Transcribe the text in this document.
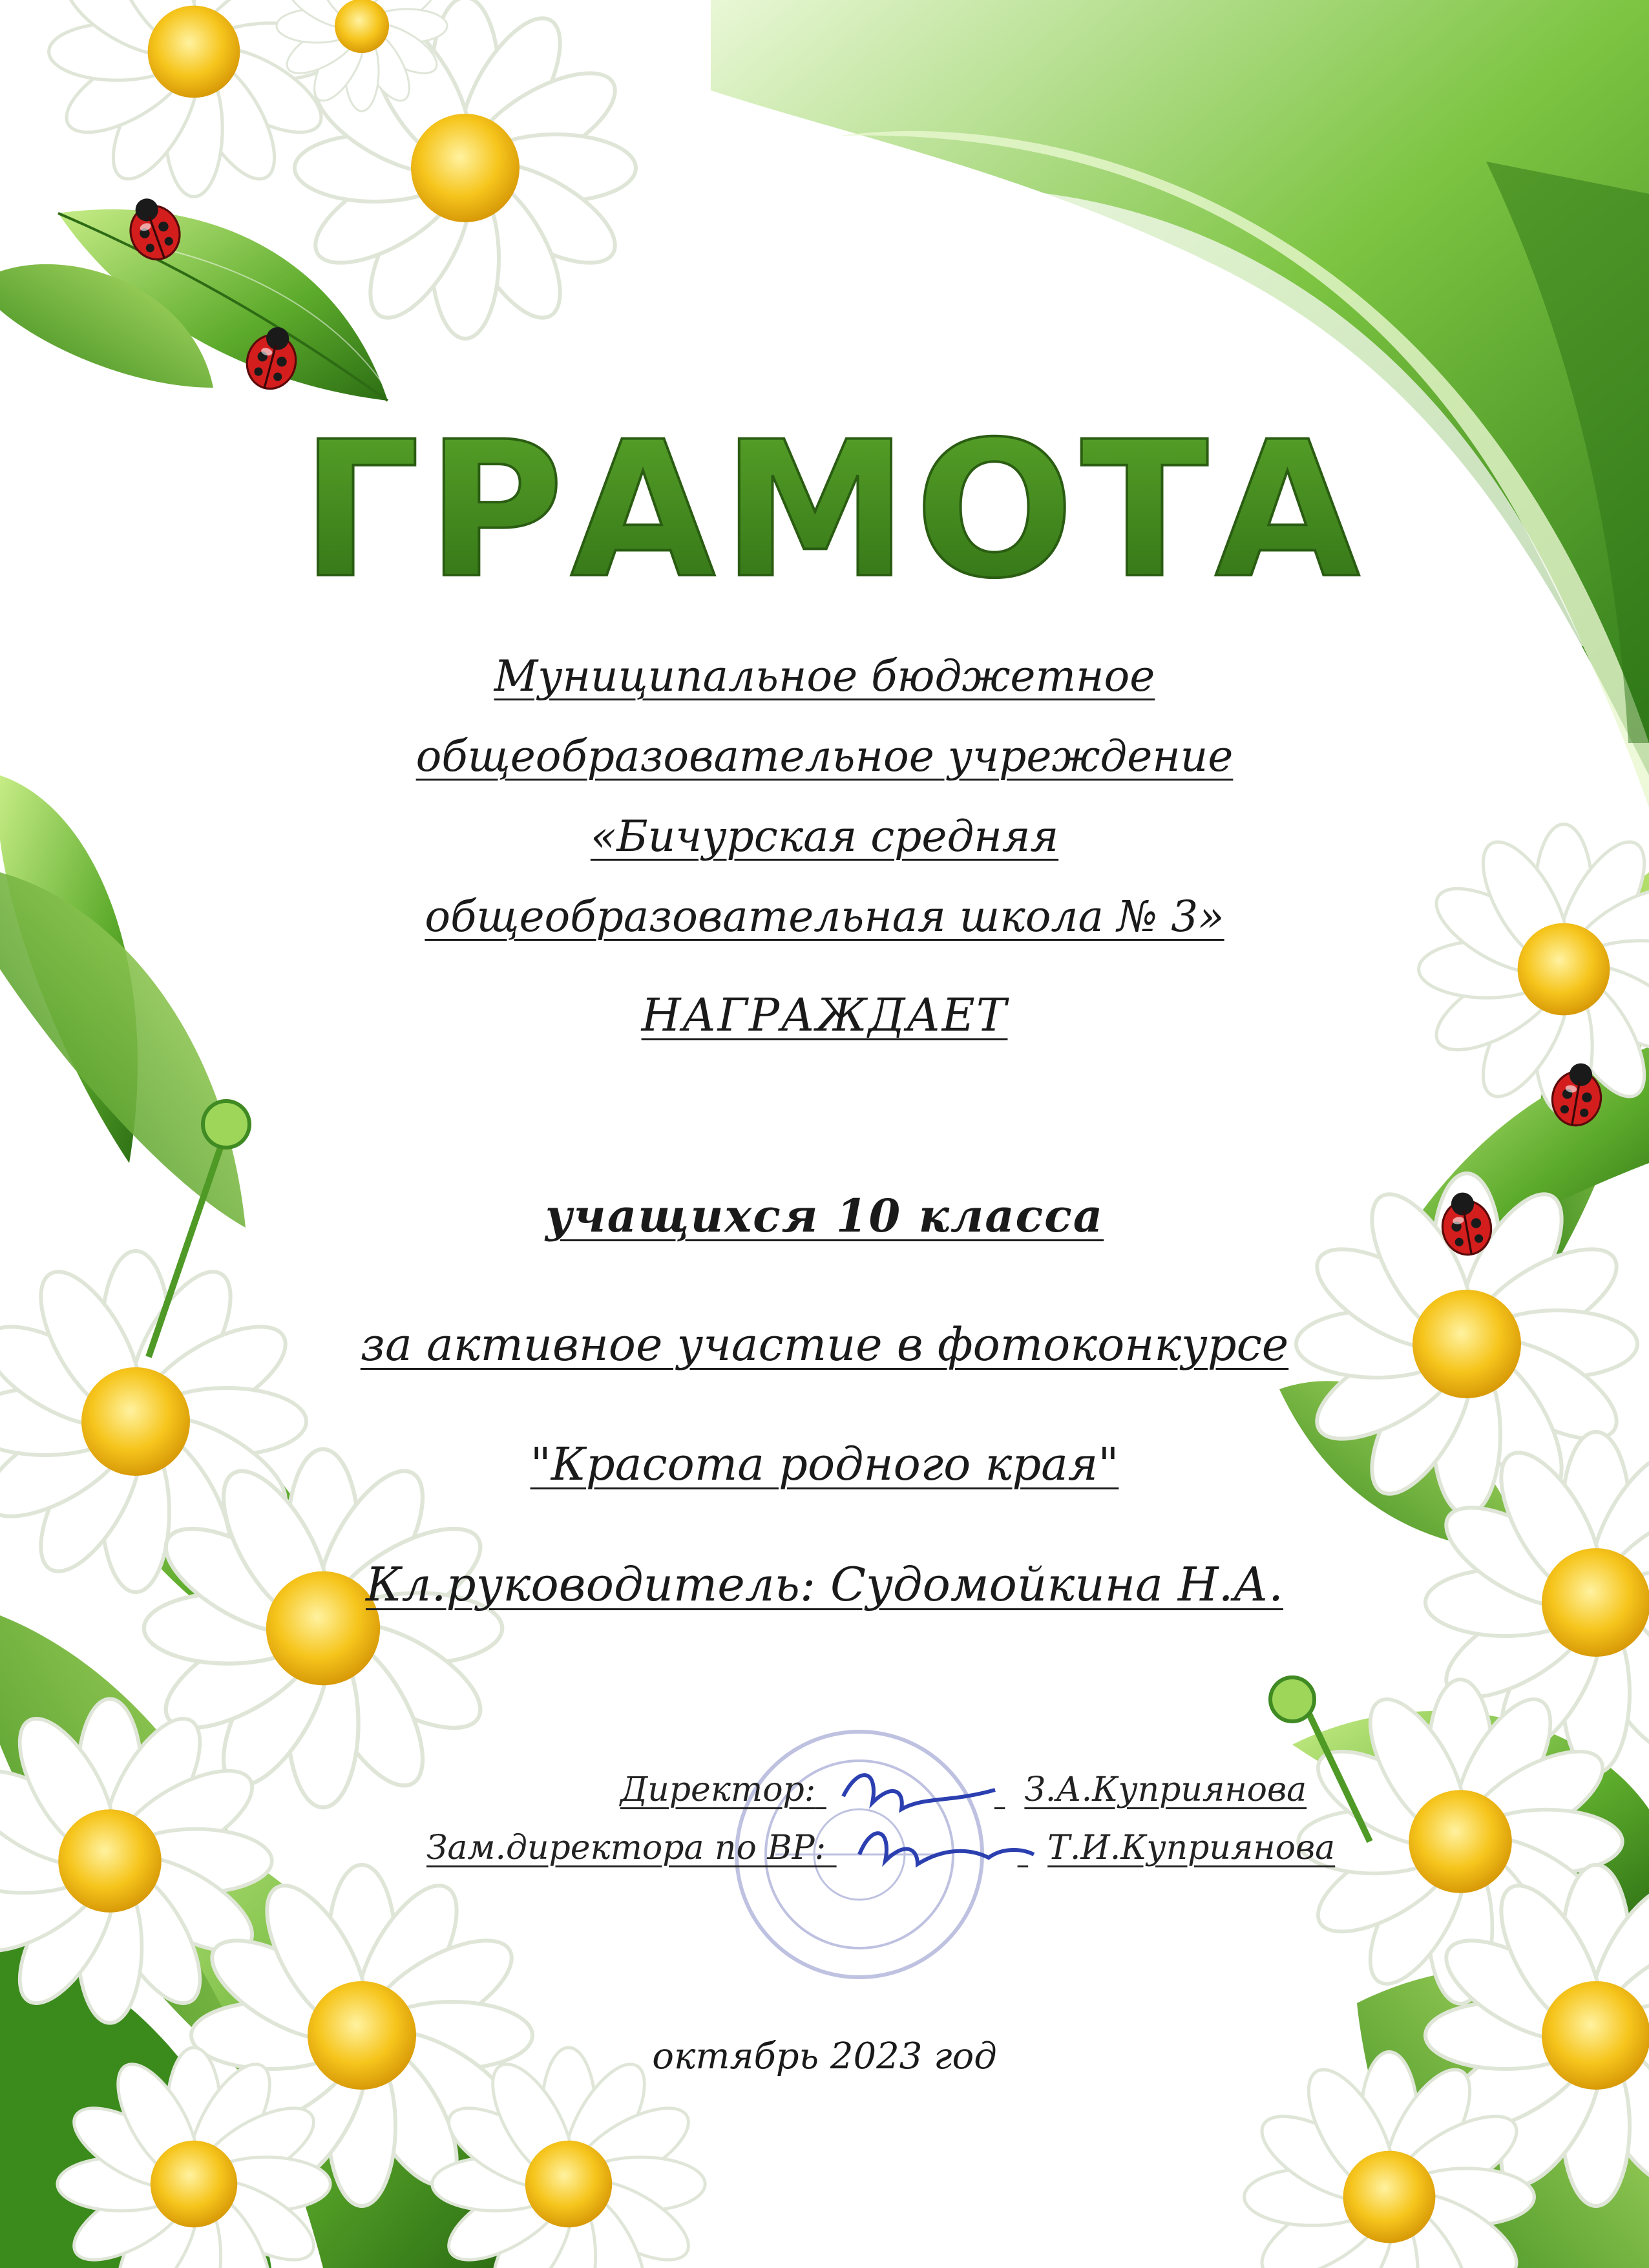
ГРАМОТА
Муниципальное бюджетное
общеобразовательное учреждение
«Бичурская средняя
общеобразовательная школа № 3»
НАГРАЖДАЕТ
учащихся 10 класса
за активное участие в фотоконкурсе
"Красота родного края"
Кл.руководитель: Судомойкина Н.А.
Директор:	З.А.Куприянова
Зам.директора по ВР:	Т.И.Куприянова
октябрь 2023 год
